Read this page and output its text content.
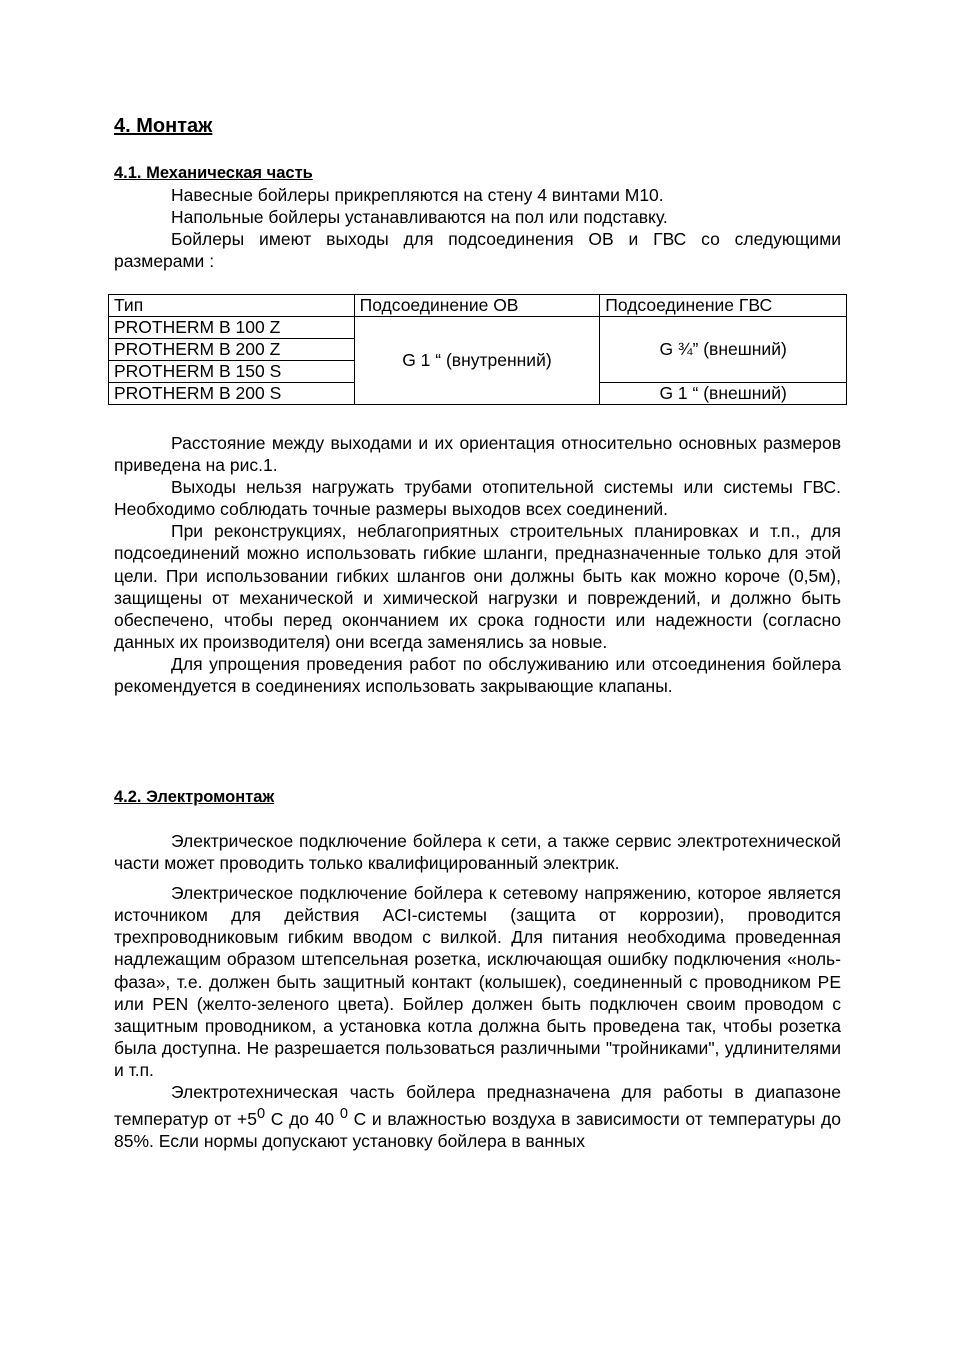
4. Монтаж
4.1. Механическая часть

Навесные бойлеры прикрепляются на стену 4 винтами М10.

Напольные бойлеры устанавливаются на пол или подставку.

Бойлеры имеют выходы для подсоединения ОВ и ГВС со следующими размерами :

Тип	Подсоединение ОВ	Подсоединение ГВС
PROTHERM B 100 Z	G 1 “ (внутренний)	G ¾” (внешний)
PROTHERM B 200 Z		
PROTHERM B 150 S		
PROTHERM B 200 S		G 1 “ (внешний)

Расстояние между выходами и их ориентация относительно основных размеров приведена на рис.1.

Выходы нельзя нагружать трубами отопительной системы или системы ГВС. Необходимо соблюдать точные размеры выходов всех соединений.

При реконструкциях, неблагоприятных строительных планировках и т.п., для подсоединений можно использовать гибкие шланги, предназначенные только для этой цели. При использовании гибких шлангов они должны быть как можно короче (0,5м), защищены от механической и химической нагрузки и повреждений, и должно быть обеспечено, чтобы перед окончанием их срока годности или надежности (согласно данных их производителя) они всегда заменялись за новые.

Для упрощения проведения работ по обслуживанию или отсоединения бойлера рекомендуется в соединениях использовать закрывающие клапаны.

4.2. Электромонтаж

Электрическое подключение бойлера к сети, а также сервис электротехнической части может проводить только квалифицированный электрик.

Электрическое подключение бойлера к сетевому напряжению, которое является источником для действия ACI-системы (защита от коррозии), проводится трехпроводниковым гибким вводом с вилкой. Для питания необходима проведенная надлежащим образом штепсельная розетка, исключающая ошибку подключения «ноль-фаза», т.е. должен быть защитный контакт (колышек), соединенный с проводником PE или PEN (желто-зеленого цвета). Бойлер должен быть подключен своим проводом с защитным проводником, а установка котла должна быть проведена так, чтобы розетка была доступна. Не разрешается пользоваться различными "тройниками", удлинителями и т.п.

Электротехническая часть бойлера предназначена для работы в диапазоне температур от $+5^0$ С до 40 $^0$ С и влажностью воздуха в зависимости от температуры до 85%. Если нормы допускают установку бойлера в ванных
